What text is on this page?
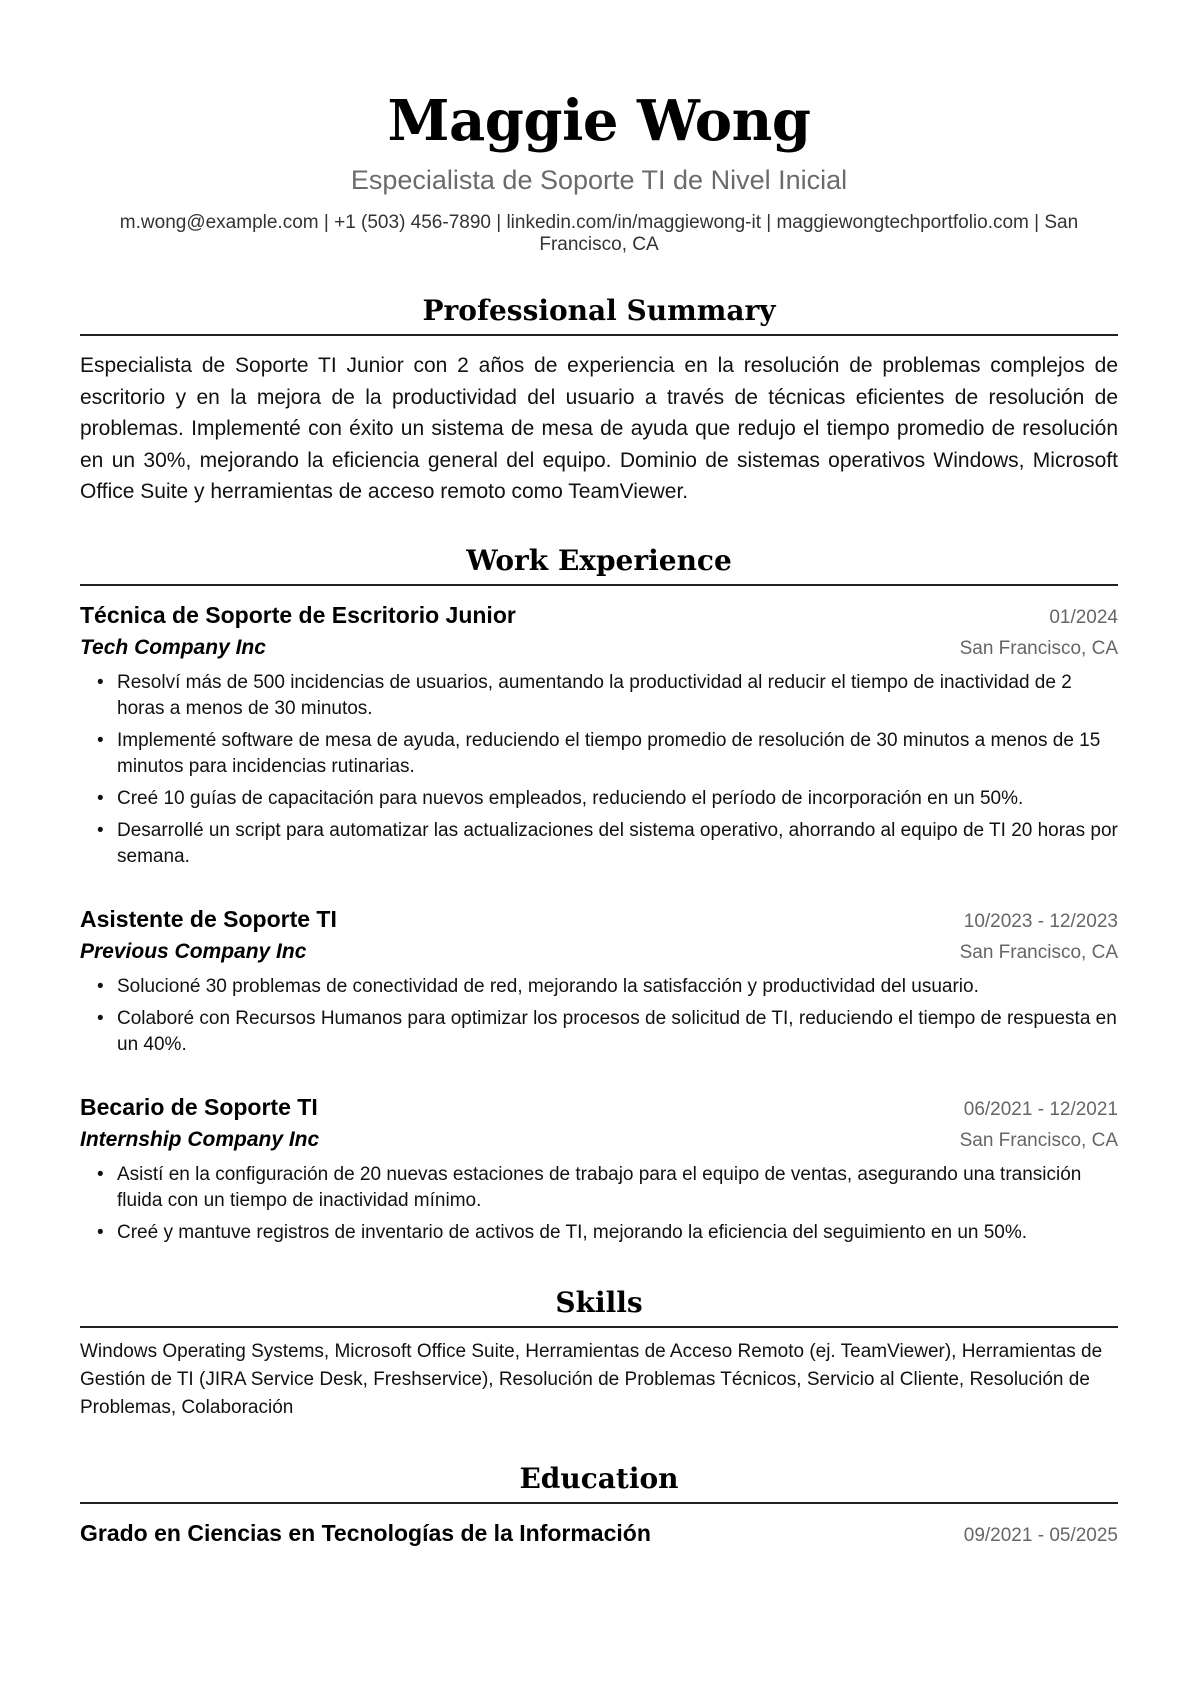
Maggie Wong
Especialista de Soporte TI de Nivel Inicial
m.wong@example.com | +1 (503) 456-7890 | linkedin.com/in/maggiewong-it | maggiewongtechportfolio.com | San Francisco, CA
Professional Summary
Especialista de Soporte TI Junior con 2 años de experiencia en la resolución de problemas complejos de escritorio y en la mejora de la productividad del usuario a través de técnicas eficientes de resolución de problemas. Implementé con éxito un sistema de mesa de ayuda que redujo el tiempo promedio de resolución en un 30%, mejorando la eficiencia general del equipo. Dominio de sistemas operativos Windows, Microsoft Office Suite y herramientas de acceso remoto como TeamViewer.
Work Experience
Técnica de Soporte de Escritorio Junior	01/2024
Tech Company Inc	San Francisco, CA
• Resolví más de 500 incidencias de usuarios, aumentando la productividad al reducir el tiempo de inactividad de 2 horas a menos de 30 minutos.
• Implementé software de mesa de ayuda, reduciendo el tiempo promedio de resolución de 30 minutos a menos de 15 minutos para incidencias rutinarias.
• Creé 10 guías de capacitación para nuevos empleados, reduciendo el período de incorporación en un 50%.
• Desarrollé un script para automatizar las actualizaciones del sistema operativo, ahorrando al equipo de TI 20 horas por semana.
Asistente de Soporte TI	10/2023 - 12/2023
Previous Company Inc	San Francisco, CA
• Solucioné 30 problemas de conectividad de red, mejorando la satisfacción y productividad del usuario.
• Colaboré con Recursos Humanos para optimizar los procesos de solicitud de TI, reduciendo el tiempo de respuesta en un 40%.
Becario de Soporte TI	06/2021 - 12/2021
Internship Company Inc	San Francisco, CA
• Asistí en la configuración de 20 nuevas estaciones de trabajo para el equipo de ventas, asegurando una transición fluida con un tiempo de inactividad mínimo.
• Creé y mantuve registros de inventario de activos de TI, mejorando la eficiencia del seguimiento en un 50%.
Skills
Windows Operating Systems, Microsoft Office Suite, Herramientas de Acceso Remoto (ej. TeamViewer), Herramientas de Gestión de TI (JIRA Service Desk, Freshservice), Resolución de Problemas Técnicos, Servicio al Cliente, Resolución de Problemas, Colaboración
Education
Grado en Ciencias en Tecnologías de la Información	09/2021 - 05/2025
